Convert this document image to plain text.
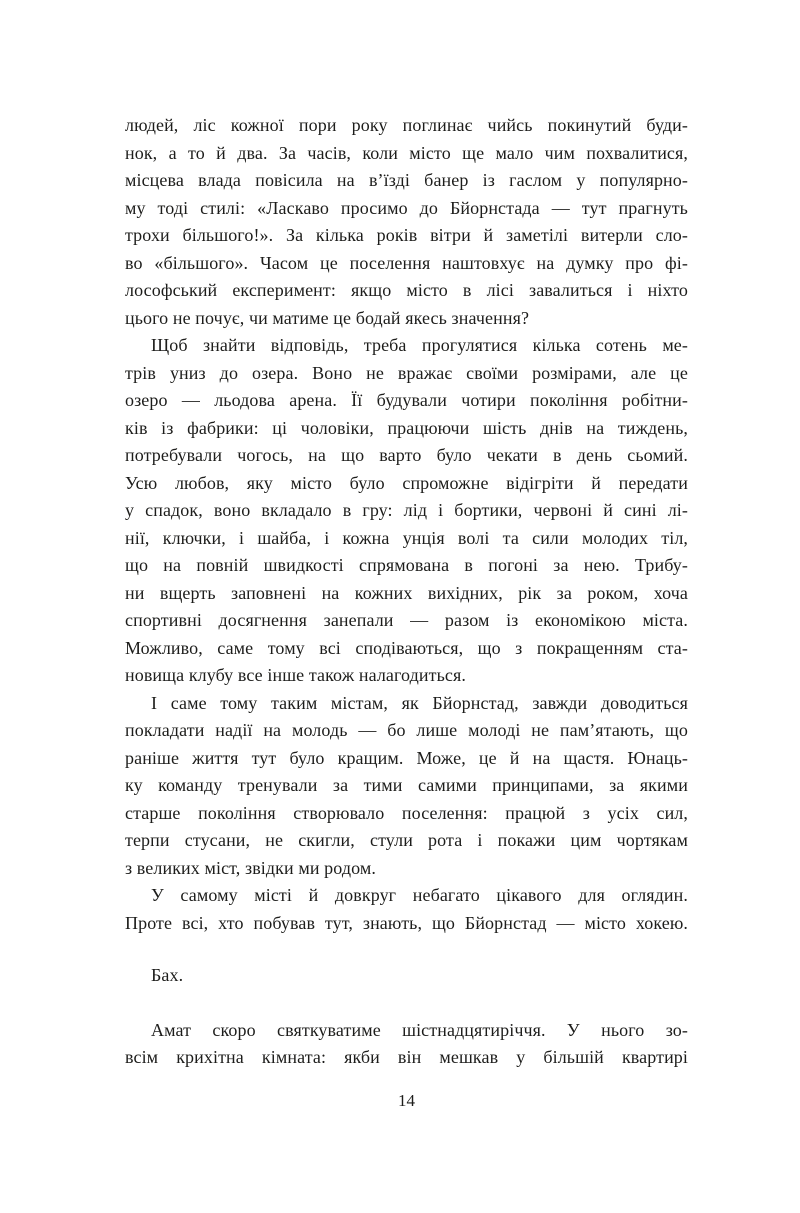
людей, ліс кожної пори року поглинає чийсь покинутий буди-
нок, а то й два. За часів, коли місто ще мало чим похвалитися,
місцева влада повісила на в’їзді банер із гаслом у популярно-
му тоді стилі: «Ласкаво просимо до Бйорнстада — тут прагнуть
трохи більшого!». За кілька років вітри й заметілі витерли сло-
во «більшого». Часом це поселення наштовхує на думку про фі-
лософський експеримент: якщо місто в лісі завалиться і ніхто
цього не почує, чи матиме це бодай якесь значення?

Щоб знайти відповідь, треба прогулятися кілька сотень ме-
трів униз до озера. Воно не вражає своїми розмірами, але це
озеро — льодова арена. Її будували чотири покоління робітни-
ків із фабрики: ці чоловіки, працюючи шість днів на тиждень,
потребували чогось, на що варто було чекати в день сьомий.
Усю любов, яку місто було спроможне відігріти й передати
у спадок, воно вкладало в гру: лід і бортики, червоні й сині лі-
нії, ключки, і шайба, і кожна унція волі та сили молодих тіл,
що на повній швидкості спрямована в погоні за нею. Трибу-
ни вщерть заповнені на кожних вихідних, рік за роком, хоча
спортивні досягнення занепали — разом із економікою міста.
Можливо, саме тому всі сподіваються, що з покращенням ста-
новища клубу все інше також налагодиться.

І саме тому таким містам, як Бйорнстад, завжди доводиться
покладати надії на молодь — бо лише молоді не пам’ятають, що
раніше життя тут було кращим. Може, це й на щастя. Юнаць-
ку команду тренували за тими самими принципами, за якими
старше покоління створювало поселення: працюй з усіх сил,
терпи стусани, не скигли, стули рота і покажи цим чортякам
з великих міст, звідки ми родом.

У самому місті й довкруг небагато цікавого для оглядин.
Проте всі, хто побував тут, знають, що Бйорнстад — місто хокею.

Бах.

Амат скоро святкуватиме шістнадцятиріччя. У нього зо-
всім крихітна кімната: якби він мешкав у більшій квартирі

14
